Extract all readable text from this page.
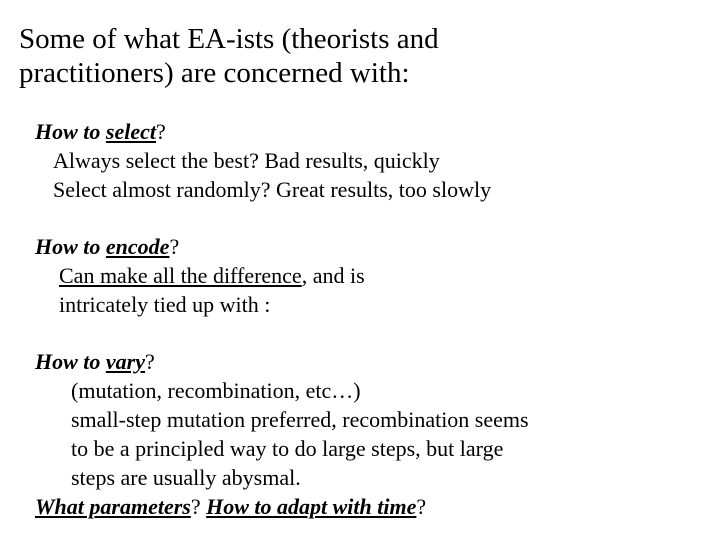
Some of what EA-ists (theorists and
practitioners) are concerned with:
How to select?
Always select the best? Bad results, quickly
Select almost randomly? Great results, too slowly
How to encode?
Can make all the difference, and is
intricately tied up with :
How to vary?
(mutation, recombination, etc…)
small-step mutation preferred, recombination seems
to be a principled way to do large steps, but large
steps are usually abysmal.
What parameters? How to adapt with time?
